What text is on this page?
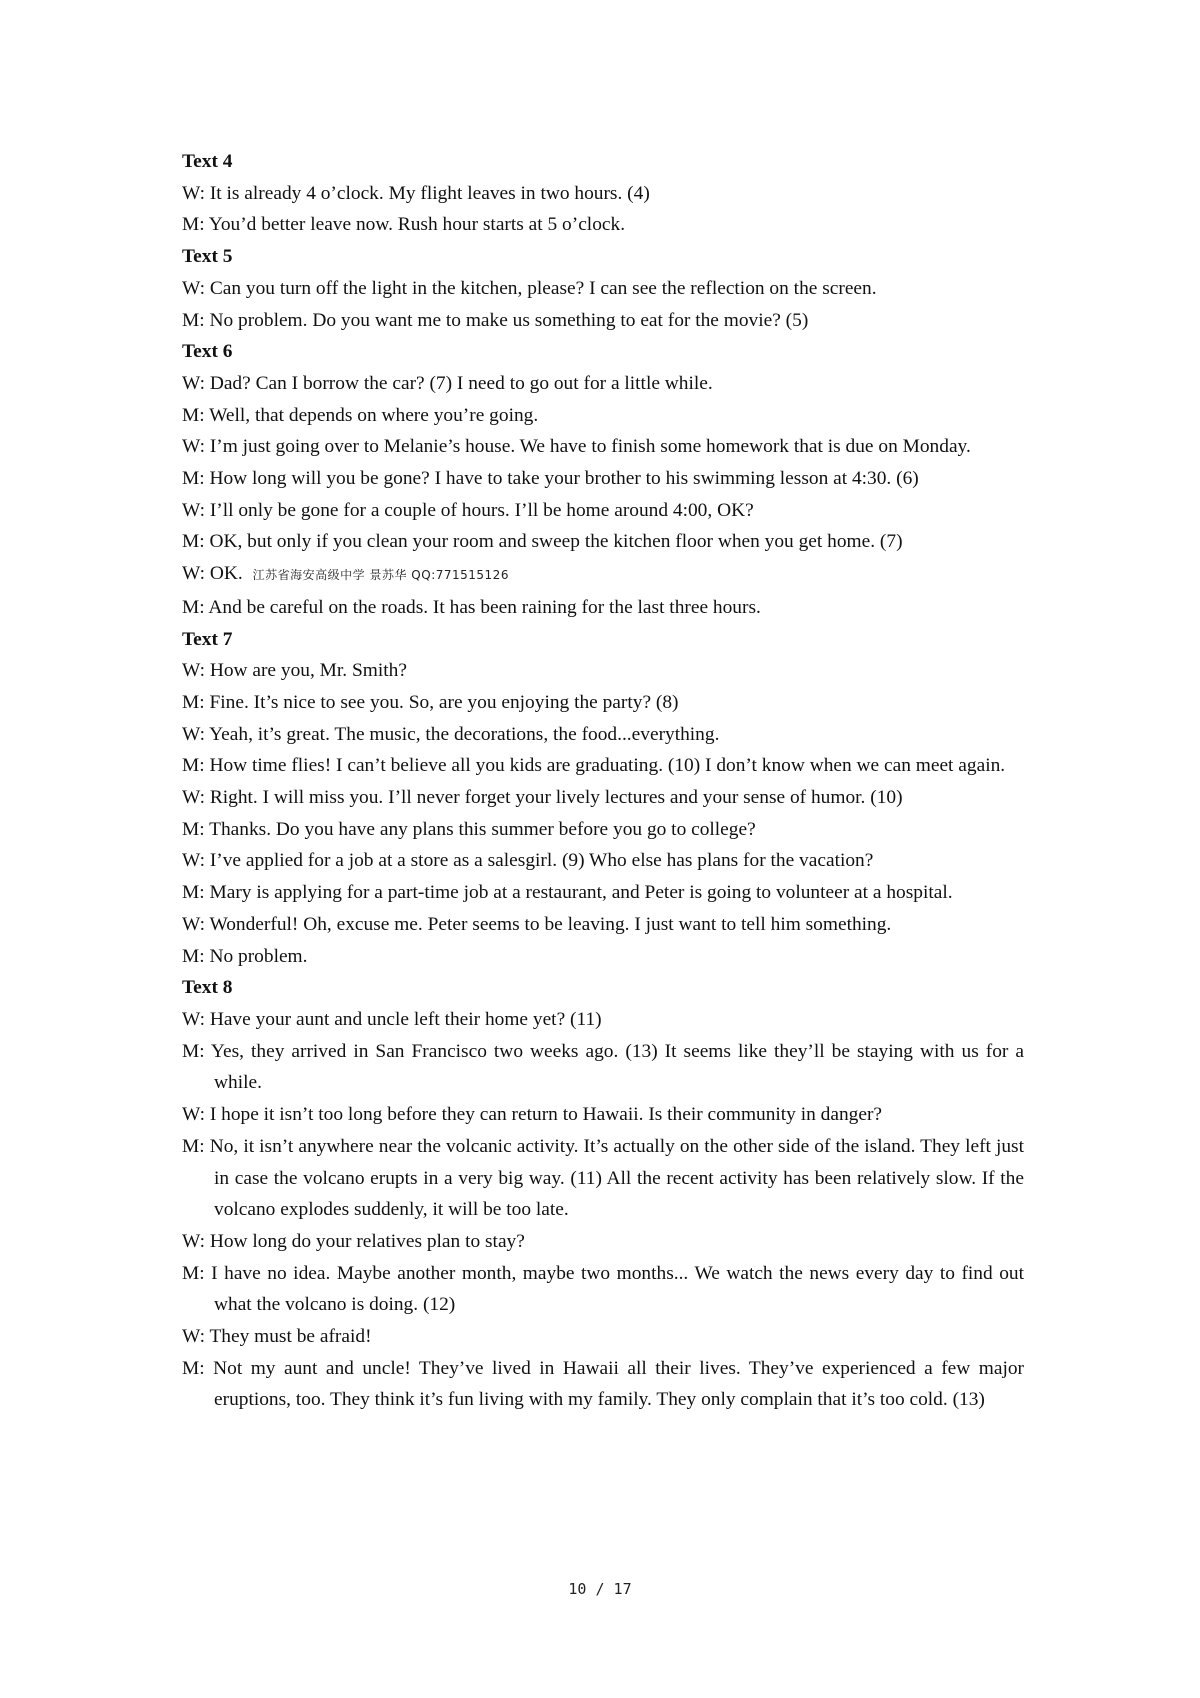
Text 4
W: It is already 4 o’clock. My flight leaves in two hours. (4)
M: You’d better leave now. Rush hour starts at 5 o’clock.
Text 5
W: Can you turn off the light in the kitchen, please? I can see the reflection on the screen.
M: No problem. Do you want me to make us something to eat for the movie? (5)
Text 6
W: Dad? Can I borrow the car? (7) I need to go out for a little while.
M: Well, that depends on where you’re going.
W: I’m just going over to Melanie’s house. We have to finish some homework that is due on Monday.
M: How long will you be gone? I have to take your brother to his swimming lesson at 4:30. (6)
W: I’ll only be gone for a couple of hours. I’ll be home around 4:00, OK?
M: OK, but only if you clean your room and sweep the kitchen floor when you get home. (7)
W: OK. 江苏省海安高级中学 景苏华 QQ:771515126
M: And be careful on the roads. It has been raining for the last three hours.
Text 7
W: How are you, Mr. Smith?
M: Fine. It’s nice to see you. So, are you enjoying the party? (8)
W: Yeah, it’s great. The music, the decorations, the food...everything.
M: How time flies! I can’t believe all you kids are graduating. (10) I don’t know when we can meet again.
W: Right. I will miss you. I’ll never forget your lively lectures and your sense of humor. (10)
M: Thanks. Do you have any plans this summer before you go to college?
W: I’ve applied for a job at a store as a salesgirl. (9) Who else has plans for the vacation?
M: Mary is applying for a part-time job at a restaurant, and Peter is going to volunteer at a hospital.
W: Wonderful! Oh, excuse me. Peter seems to be leaving. I just want to tell him something.
M: No problem.
Text 8
W: Have your aunt and uncle left their home yet? (11)
M: Yes, they arrived in San Francisco two weeks ago. (13) It seems like they’ll be staying with us for a while.
W: I hope it isn’t too long before they can return to Hawaii. Is their community in danger?
M: No, it isn’t anywhere near the volcanic activity. It’s actually on the other side of the island. They left just in case the volcano erupts in a very big way. (11) All the recent activity has been relatively slow. If the volcano explodes suddenly, it will be too late.
W: How long do your relatives plan to stay?
M: I have no idea. Maybe another month, maybe two months... We watch the news every day to find out what the volcano is doing. (12)
W: They must be afraid!
M: Not my aunt and uncle! They’ve lived in Hawaii all their lives. They’ve experienced a few major eruptions, too. They think it’s fun living with my family. They only complain that it’s too cold. (13)
10 / 17
